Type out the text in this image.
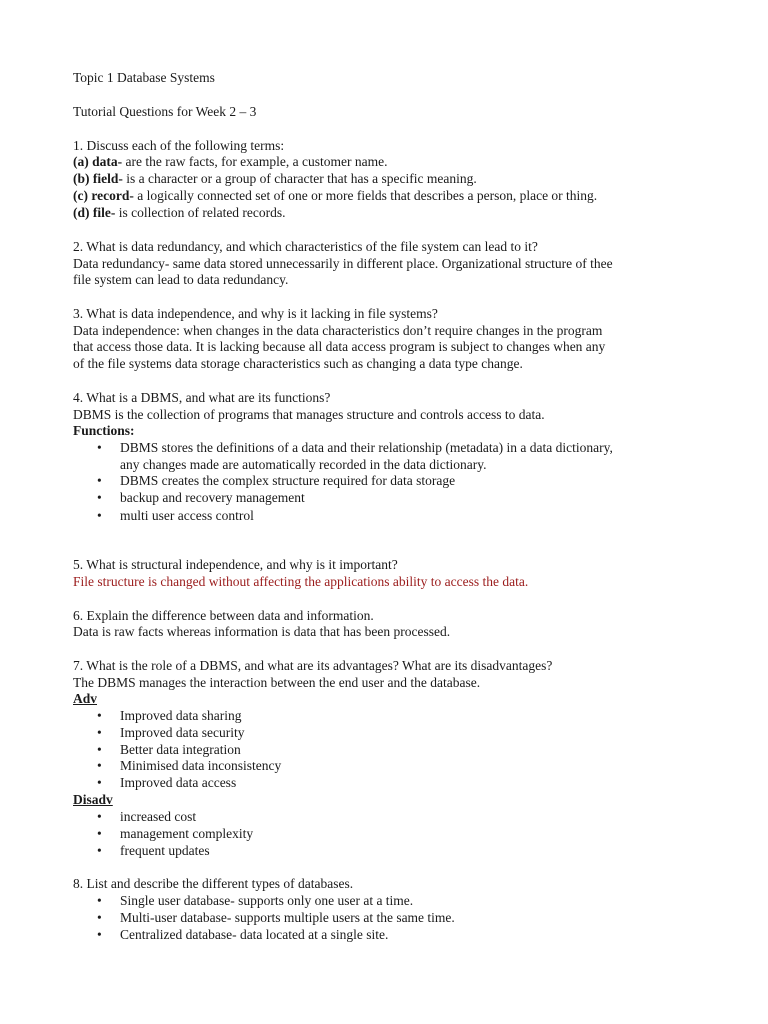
Topic 1 Database Systems
Tutorial Questions for Week 2 – 3
1. Discuss each of the following terms:
(a) data- are the raw facts, for example, a customer name.
(b) field- is a character or a group of character that has a specific meaning.
(c) record- a logically connected set of one or more fields that describes a person, place or thing.
(d) file- is collection of related records.
2. What is data redundancy, and which characteristics of the file system can lead to it?
Data redundancy- same data stored unnecessarily in different place. Organizational structure of thee
file system can lead to data redundancy.
3. What is data independence, and why is it lacking in file systems?
Data independence: when changes in the data characteristics don’t require changes in the program
that access those data. It is lacking because all data access program is subject to changes when any
of the file systems data storage characteristics such as changing a data type change.
4. What is a DBMS, and what are its functions?
DBMS is the collection of programs that manages structure and controls access to data.
Functions:
• DBMS stores the definitions of a data and their relationship (metadata) in a data dictionary,
any changes made are automatically recorded in the data dictionary.
• DBMS creates the complex structure required for data storage
• backup and recovery management
• multi user access control
5. What is structural independence, and why is it important?
File structure is changed without affecting the applications ability to access the data.
6. Explain the difference between data and information.
Data is raw facts whereas information is data that has been processed.
7. What is the role of a DBMS, and what are its advantages? What are its disadvantages?
The DBMS manages the interaction between the end user and the database.
Adv
• Improved data sharing
• Improved data security
• Better data integration
• Minimised data inconsistency
• Improved data access
Disadv
• increased cost
• management complexity
• frequent updates
8. List and describe the different types of databases.
• Single user database- supports only one user at a time.
• Multi-user database- supports multiple users at the same time.
• Centralized database- data located at a single site.
